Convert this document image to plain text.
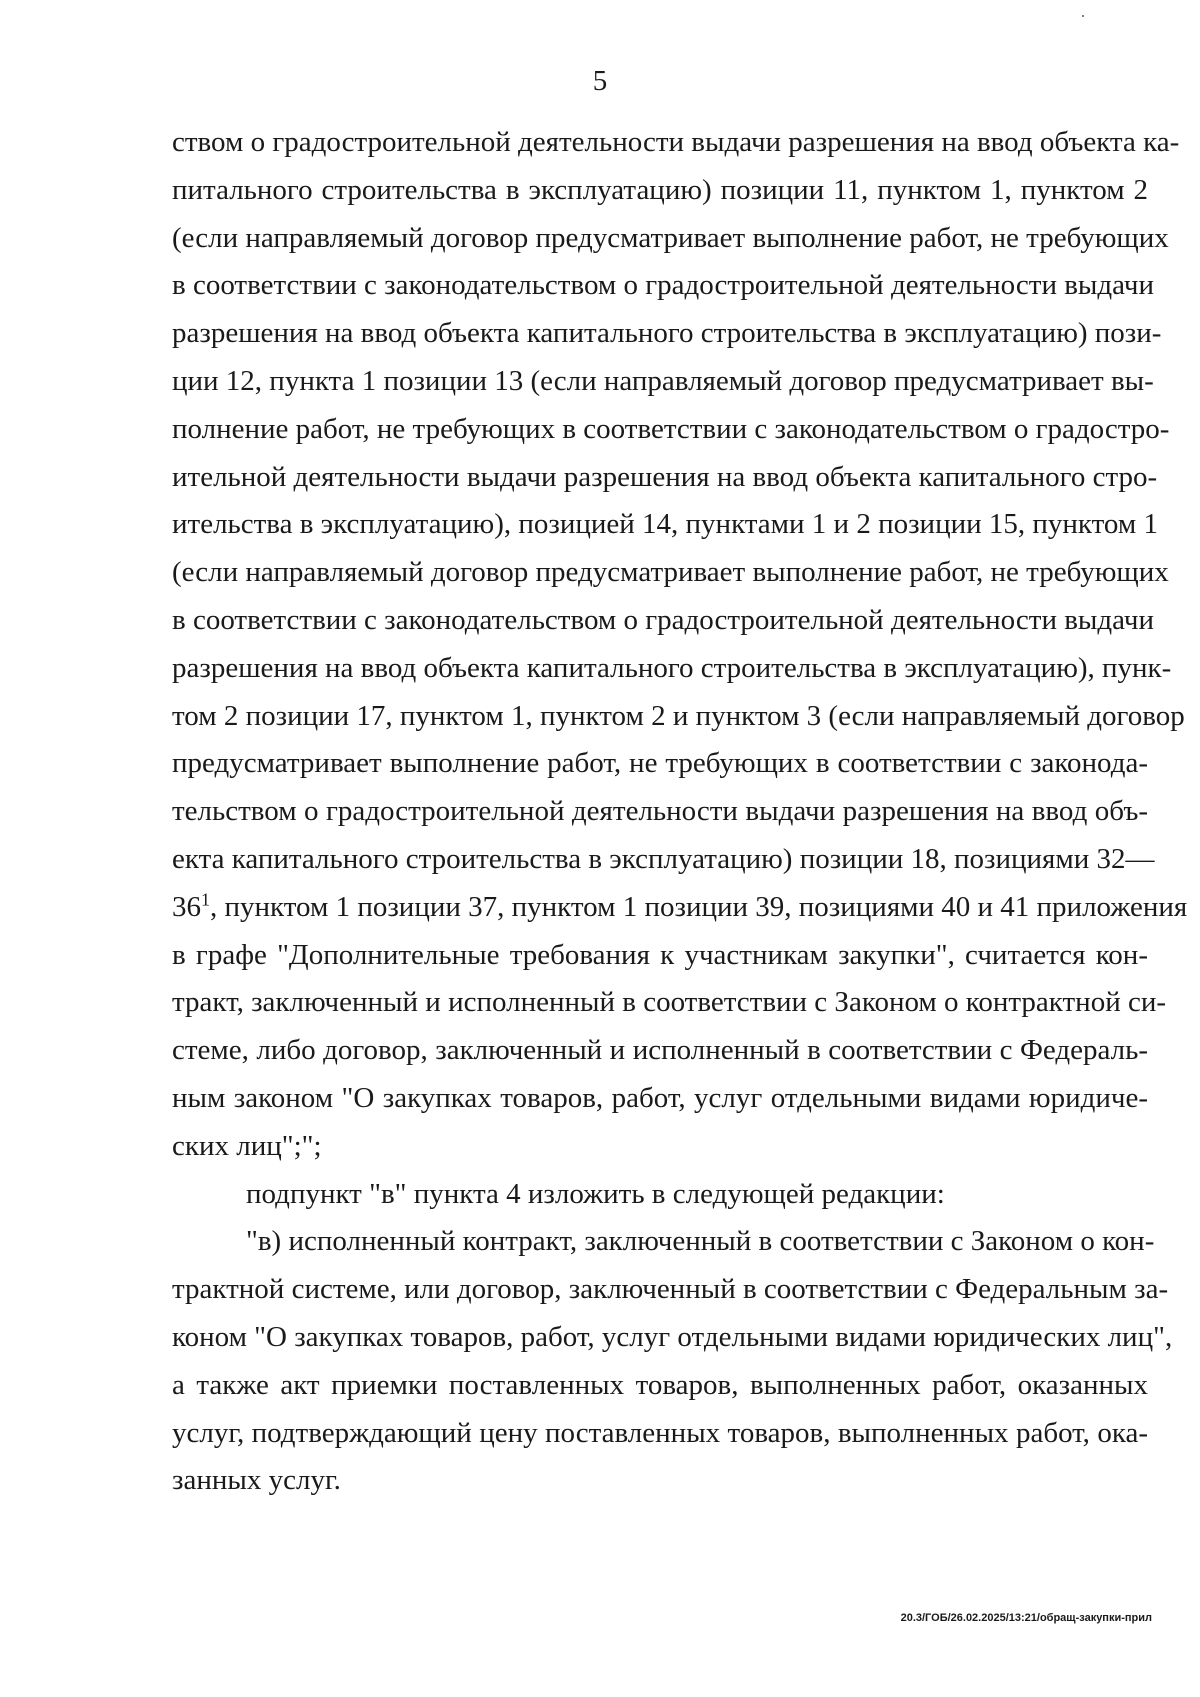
5
ством о градостроительной деятельности выдачи разрешения на ввод объекта ка-
питального строительства в эксплуатацию) позиции 11, пунктом 1, пунктом 2
(если направляемый договор предусматривает выполнение работ, не требующих
в соответствии с законодательством о градостроительной деятельности выдачи
разрешения на ввод объекта капитального строительства в эксплуатацию) пози-
ции 12, пункта 1 позиции 13 (если направляемый договор предусматривает вы-
полнение работ, не требующих в соответствии с законодательством о градостро-
ительной деятельности выдачи разрешения на ввод объекта капитального стро-
ительства в эксплуатацию), позицией 14, пунктами 1 и 2 позиции 15, пунктом 1
(если направляемый договор предусматривает выполнение работ, не требующих
в соответствии с законодательством о градостроительной деятельности выдачи
разрешения на ввод объекта капитального строительства в эксплуатацию), пунк-
том 2 позиции 17, пунктом 1, пунктом 2 и пунктом 3 (если направляемый договор
предусматривает выполнение работ, не требующих в соответствии с законода-
тельством о градостроительной деятельности выдачи разрешения на ввод объ-
екта капитального строительства в эксплуатацию) позиции 18, позициями 32—
$36^1$, пунктом 1 позиции 37, пунктом 1 позиции 39, позициями 40 и 41 приложения
в графе "Дополнительные требования к участникам закупки", считается кон-
тракт, заключенный и исполненный в соответствии с Законом о контрактной си-
стеме, либо договор, заключенный и исполненный в соответствии с Федераль-
ным законом "О закупках товаров, работ, услуг отдельными видами юридиче-
ских лиц";";
подпункт "в" пункта 4 изложить в следующей редакции:
"в) исполненный контракт, заключенный в соответствии с Законом о кон-
трактной системе, или договор, заключенный в соответствии с Федеральным за-
коном "О закупках товаров, работ, услуг отдельными видами юридических лиц",
а также акт приемки поставленных товаров, выполненных работ, оказанных
услуг, подтверждающий цену поставленных товаров, выполненных работ, ока-
занных услуг.
20.3/ГОБ/26.02.2025/13:21/обращ-закупки-прил
